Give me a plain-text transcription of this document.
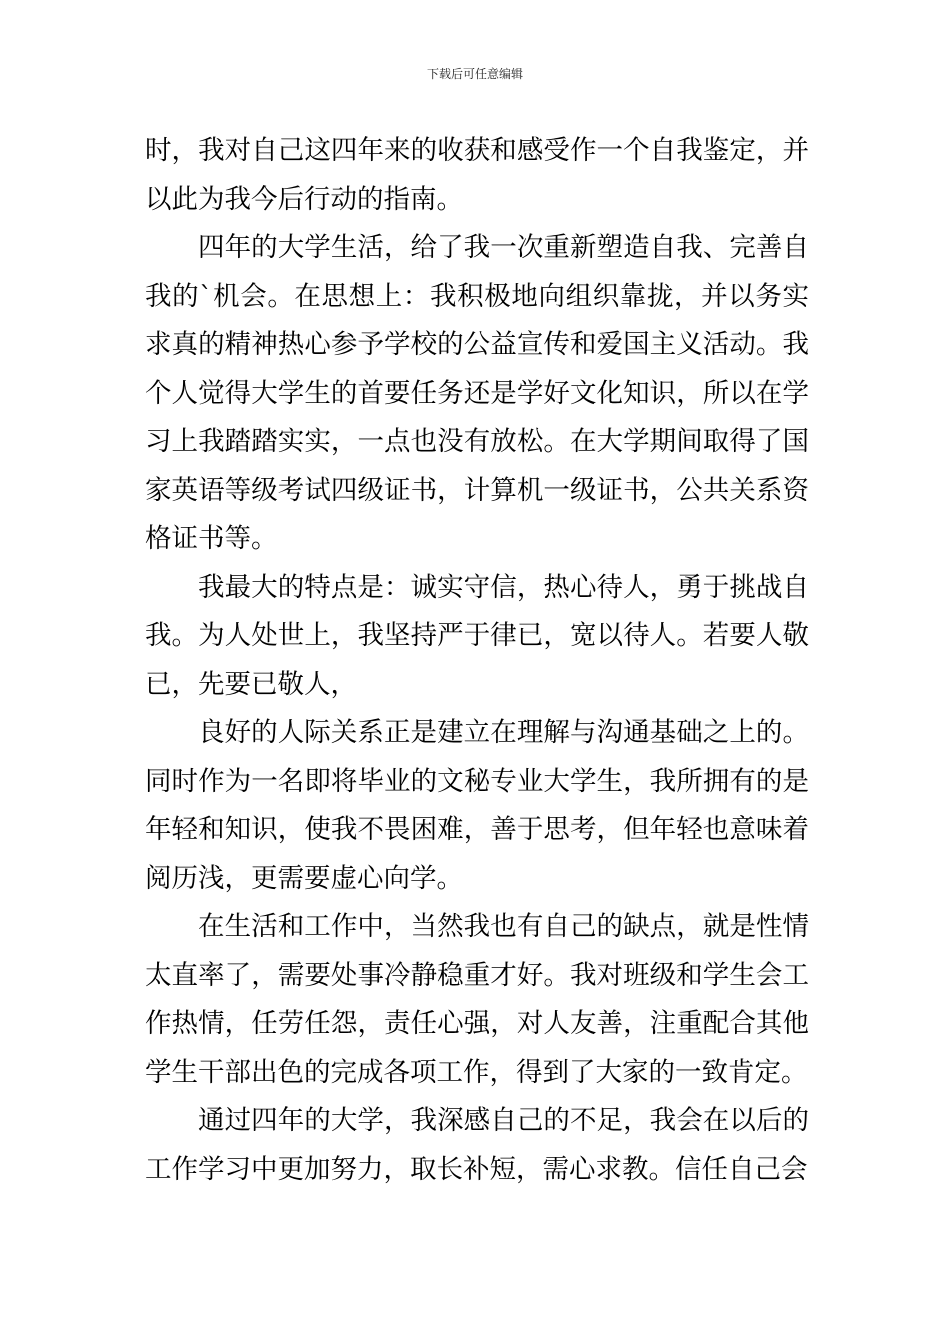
下载后可任意编辑

时，我对自己这四年来的收获和感受作一个自我鉴定，并以此为我今后行动的指南。

四年的大学生活，给了我一次重新塑造自我、完善自我的`机会。在思想上：我积极地向组织靠拢，并以务实求真的精神热心参予学校的公益宣传和爱国主义活动。我个人觉得大学生的首要任务还是学好文化知识，所以在学习上我踏踏实实，一点也没有放松。在大学期间取得了国家英语等级考试四级证书，计算机一级证书，公共关系资格证书等。

我最大的特点是：诚实守信，热心待人，勇于挑战自我。为人处世上，我坚持严于律已，宽以待人。若要人敬已，先要已敬人，

良好的人际关系正是建立在理解与沟通基础之上的。同时作为一名即将毕业的文秘专业大学生，我所拥有的是年轻和知识，使我不畏困难，善于思考，但年轻也意味着阅历浅，更需要虚心向学。

在生活和工作中，当然我也有自己的缺点，就是性情太直率了，需要处事冷静稳重才好。我对班级和学生会工作热情，任劳任怨，责任心强，对人友善，注重配合其他学生干部出色的完成各项工作，得到了大家的一致肯定。

通过四年的大学，我深感自己的不足，我会在以后的工作学习中更加努力，取长补短，需心求教。信任自己会
